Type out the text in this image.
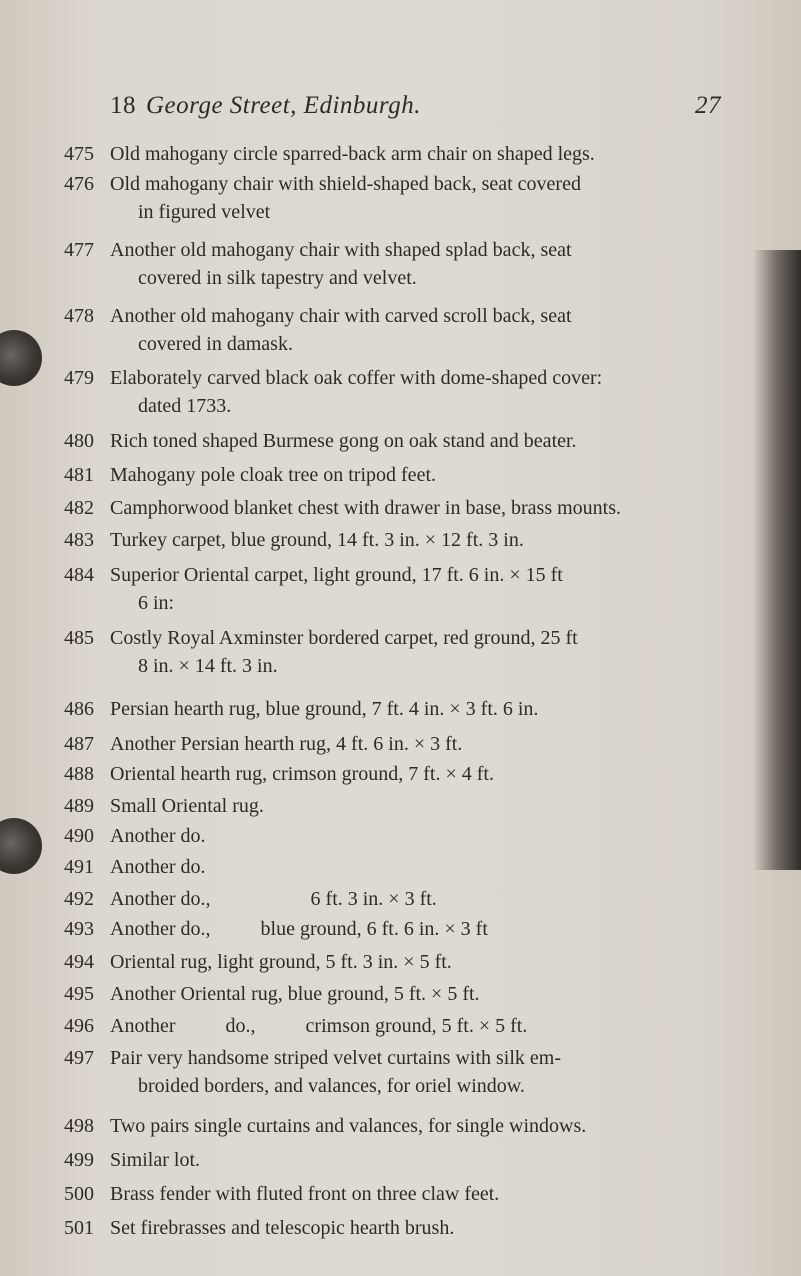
18 George Street, Edinburgh.	27
475 Old mahogany circle sparred-back arm chair on shaped legs.
476 Old mahogany chair with shield-shaped back, seat covered
in figured velvet
477 Another old mahogany chair with shaped splad back, seat
covered in silk tapestry and velvet.
478 Another old mahogany chair with carved scroll back, seat
covered in damask.
479 Elaborately carved black oak coffer with dome-shaped cover:
dated 1733.
480 Rich toned shaped Burmese gong on oak stand and beater.
481 Mahogany pole cloak tree on tripod feet.
482 Camphorwood blanket chest with drawer in base, brass mounts.
483 Turkey carpet, blue ground, 14 ft. 3 in. × 12 ft. 3 in.
484 Superior Oriental carpet, light ground, 17 ft. 6 in. × 15 ft
6 in:
485 Costly Royal Axminster bordered carpet, red ground, 25 ft
8 in. × 14 ft. 3 in.
486 Persian hearth rug, blue ground, 7 ft. 4 in. × 3 ft. 6 in.
487 Another Persian hearth rug, 4 ft. 6 in. × 3 ft.
488 Oriental hearth rug, crimson ground, 7 ft. × 4 ft.
489 Small Oriental rug.
490 Another do.
491 Another do.
492 Another do.,                    6 ft. 3 in. × 3 ft.
493 Another do.,          blue ground, 6 ft. 6 in. × 3 ft
494 Oriental rug, light ground, 5 ft. 3 in. × 5 ft.
495 Another Oriental rug, blue ground, 5 ft. × 5 ft.
496 Another          do.,          crimson ground, 5 ft. × 5 ft.
497 Pair very handsome striped velvet curtains with silk em-
broided borders, and valances, for oriel window.
498 Two pairs single curtains and valances, for single windows.
499 Similar lot.
500 Brass fender with fluted front on three claw feet.
501 Set firebrasses and telescopic hearth brush.
